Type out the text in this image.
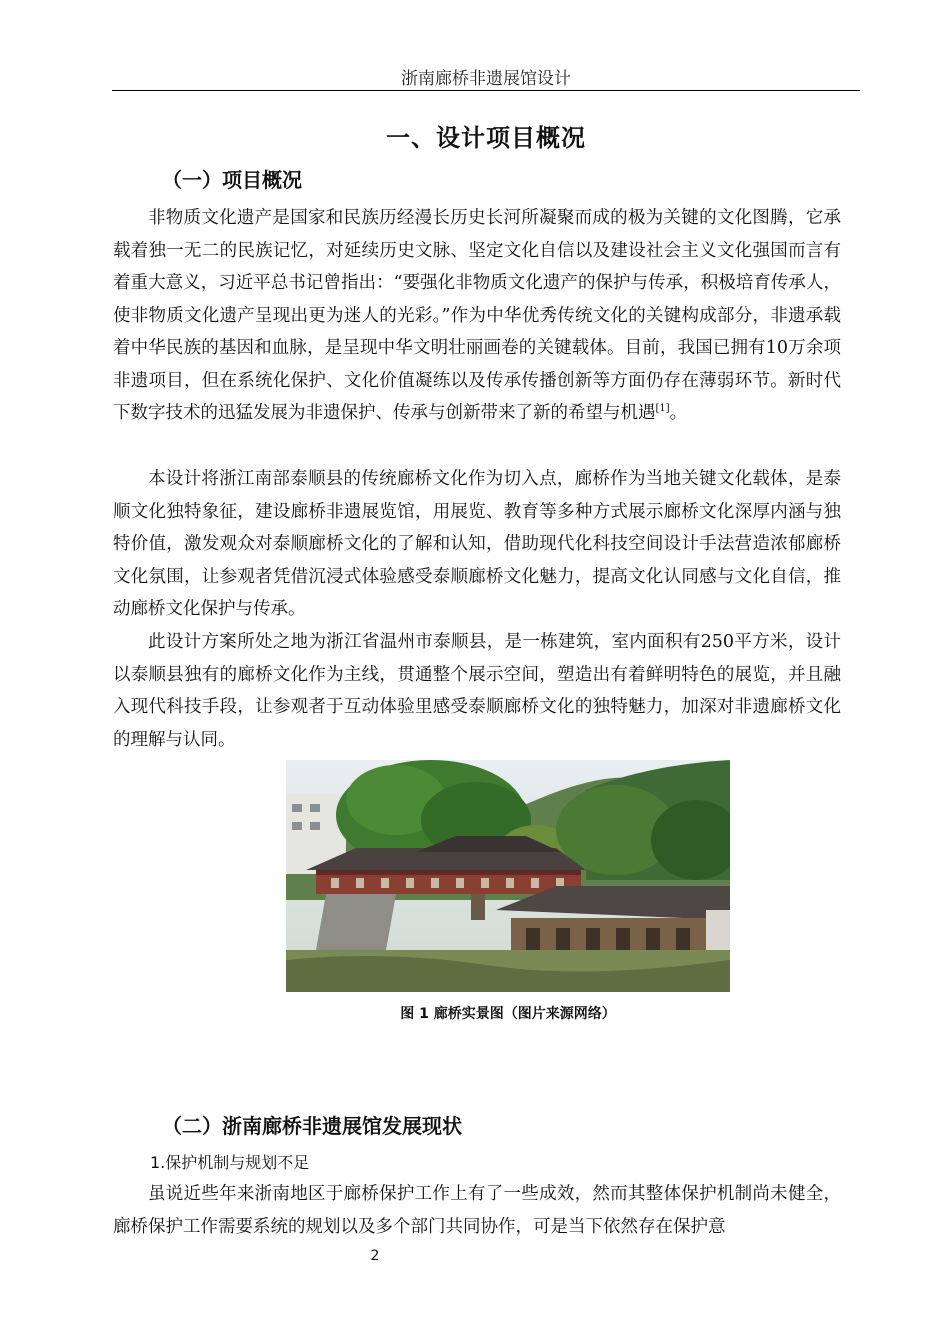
浙南廊桥非遗展馆设计
一、设计项目概况
（一）项目概况

非物质文化遗产是国家和民族历经漫长历史长河所凝聚而成的极为关键的文化图腾，它承载着独一无二的民族记忆，对延续历史文脉、坚定文化自信以及建设社会主义文化强国而言有着重大意义，习近平总书记曾指出：“要强化非物质文化遗产的保护与传承，积极培育传承人，使非物质文化遗产呈现出更为迷人的光彩。”作为中华优秀传统文化的关键构成部分，非遗承载着中华民族的基因和血脉，是呈现中华文明壮丽画卷的关键载体。目前，我国已拥有10万余项非遗项目，但在系统化保护、文化价值凝练以及传承传播创新等方面仍存在薄弱环节。新时代下数字技术的迅猛发展为非遗保护、传承与创新带来了新的希望与机遇[1]。

本设计将浙江南部泰顺县的传统廊桥文化作为切入点，廊桥作为当地关键文化载体，是泰顺文化独特象征，建设廊桥非遗展览馆，用展览、教育等多种方式展示廊桥文化深厚内涵与独特价值，激发观众对泰顺廊桥文化的了解和认知，借助现代化科技空间设计手法营造浓郁廊桥文化氛围，让参观者凭借沉浸式体验感受泰顺廊桥文化魅力，提高文化认同感与文化自信，推动廊桥文化保护与传承。

此设计方案所处之地为浙江省温州市泰顺县，是一栋建筑，室内面积有250平方米，设计以泰顺县独有的廊桥文化作为主线，贯通整个展示空间，塑造出有着鲜明特色的展览，并且融入现代科技手段，让参观者于互动体验里感受泰顺廊桥文化的独特魅力，加深对非遗廊桥文化的理解与认同。

图 1 廊桥实景图（图片来源网络）
（二）浙南廊桥非遗展馆发展现状
1.保护机制与规划不足

虽说近些年来浙南地区于廊桥保护工作上有了一些成效，然而其整体保护机制尚未健全，廊桥保护工作需要系统的规划以及多个部门共同协作，可是当下依然存在保护意

2
